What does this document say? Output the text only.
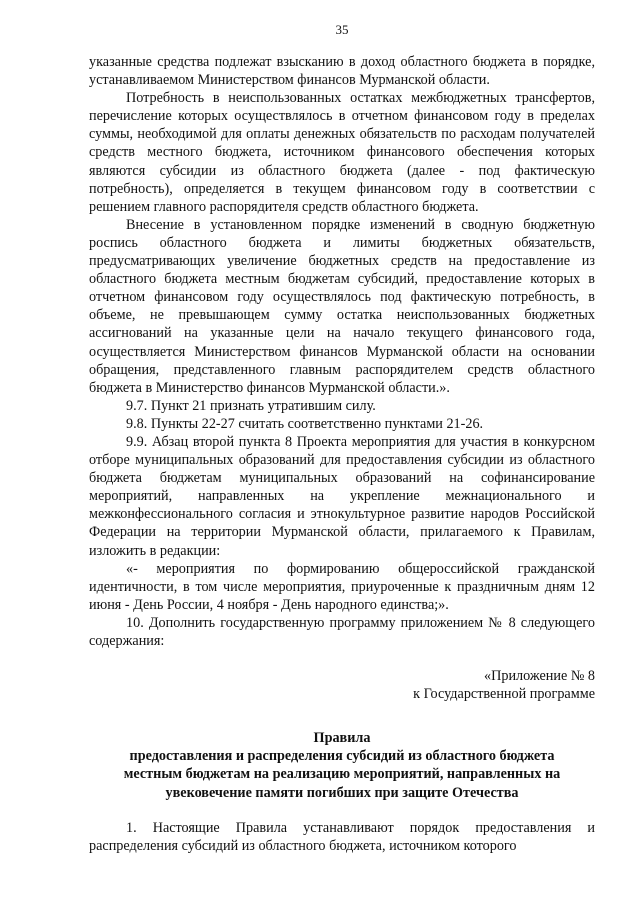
35

указанные средства подлежат взысканию в доход областного бюджета в порядке, устанавливаемом Министерством финансов Мурманской области.

Потребность в неиспользованных остатках межбюджетных трансфертов, перечисление которых осуществлялось в отчетном финансовом году в пределах суммы, необходимой для оплаты денежных обязательств по расходам получателей средств местного бюджета, источником финансового обеспечения которых являются субсидии из областного бюджета (далее - под фактическую потребность), определяется в текущем финансовом году в соответствии с решением главного распорядителя средств областного бюджета.

Внесение в установленном порядке изменений в сводную бюджетную роспись областного бюджета и лимиты бюджетных обязательств, предусматривающих увеличение бюджетных средств на предоставление из областного бюджета местным бюджетам субсидий, предоставление которых в отчетном финансовом году осуществлялось под фактическую потребность, в объеме, не превышающем сумму остатка неиспользованных бюджетных ассигнований на указанные цели на начало текущего финансового года, осуществляется Министерством финансов Мурманской области на основании обращения, представленного главным распорядителем средств областного бюджета в Министерство финансов Мурманской области.».

9.7. Пункт 21 признать утратившим силу.

9.8. Пункты 22-27 считать соответственно пунктами 21-26.

9.9. Абзац второй пункта 8 Проекта мероприятия для участия в конкурсном отборе муниципальных образований для предоставления субсидии из областного бюджета бюджетам муниципальных образований на софинансирование мероприятий, направленных на укрепление межнационального и межконфессионального согласия и этнокультурное развитие народов Российской Федерации на территории Мурманской области, прилагаемого к Правилам, изложить в редакции:

«- мероприятия по формированию общероссийской гражданской идентичности, в том числе мероприятия, приуроченные к праздничным дням 12 июня - День России, 4 ноября - День народного единства;».

10. Дополнить государственную программу приложением № 8 следующего содержания:

«Приложение № 8
к Государственной программе
Правила
предоставления и распределения субсидий из областного бюджета
местным бюджетам на реализацию мероприятий, направленных на
увековечение памяти погибших при защите Отечества

1. Настоящие Правила устанавливают порядок предоставления и распределения субсидий из областного бюджета, источником которого
